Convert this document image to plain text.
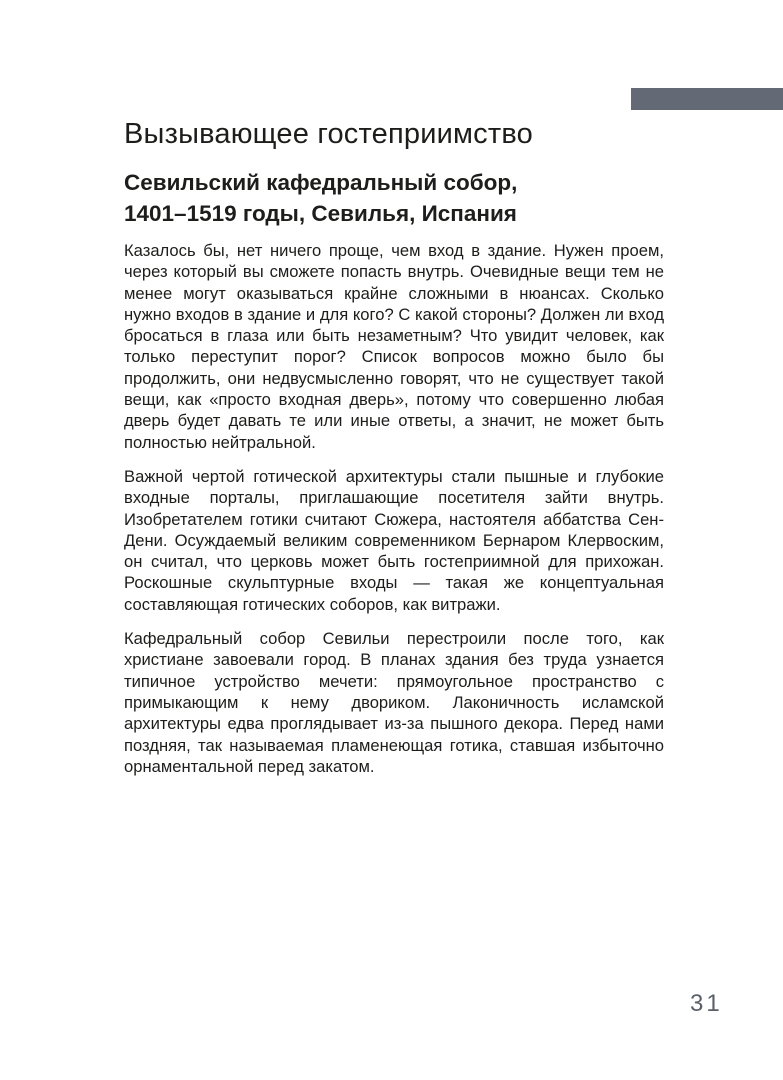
Вызывающее гостеприимство
Севильский кафедральный собор,
1401–1519 годы, Севилья, Испания

Казалось бы, нет ничего проще, чем вход в здание. Нужен проем, через который вы сможете попасть внутрь. Очевидные вещи тем не менее могут оказываться крайне сложными в нюансах. Сколько нужно входов в здание и для кого? С какой стороны? Должен ли вход бросаться в глаза или быть незаметным? Что увидит человек, как только переступит порог? Список вопросов можно было бы продолжить, они недвусмысленно говорят, что не существует такой вещи, как «просто входная дверь», потому что совершенно любая дверь будет давать те или иные ответы, а значит, не может быть полностью нейтральной.

Важной чертой готической архитектуры стали пышные и глубокие входные порталы, приглашающие посетителя зайти внутрь. Изобретателем готики считают Сюжера, настоятеля аббатства Сен-Дени. Осуждаемый великим современником Бернаром Клервоским, он считал, что церковь может быть гостеприимной для прихожан. Роскошные скульптурные входы — такая же концептуальная составляющая готических соборов, как витражи.

Кафедральный собор Севильи перестроили после того, как христиане завоевали город. В планах здания без труда узнается типичное устройство мечети: прямоугольное пространство с примыкающим к нему двориком. Лаконичность исламской архитектуры едва проглядывает из-за пышного декора. Перед нами поздняя, так называемая пламенеющая готика, ставшая избыточно орнаментальной перед закатом.

31
